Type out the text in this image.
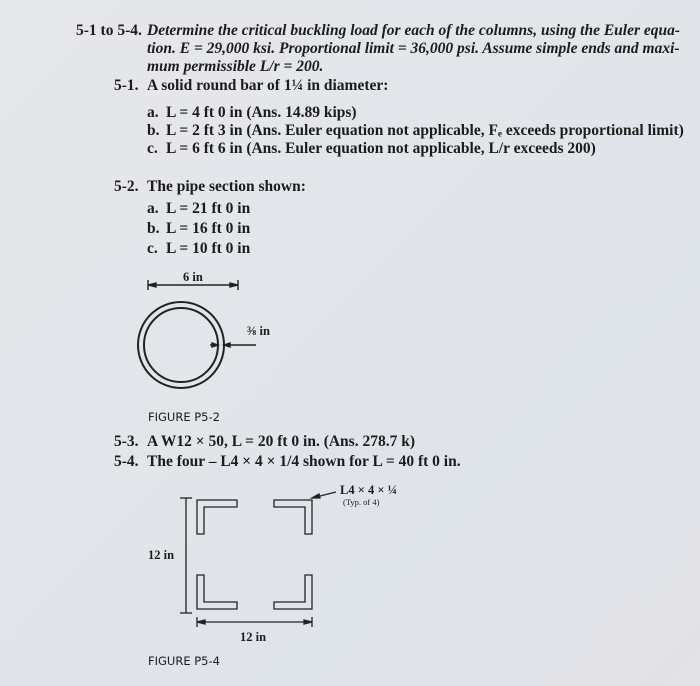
5-1 to 5-4. Determine the critical buckling load for each of the columns, using the Euler equa-
tion. E = 29,000 ksi. Proportional limit = 36,000 psi. Assume simple ends and maxi-
mum permissible L/r = 200.
5-1. A solid round bar of 1¼ in diameter:
a. L = 4 ft 0 in (Ans. 14.89 kips)
b. L = 2 ft 3 in (Ans. Euler equation not applicable, Fₑ exceeds proportional limit)
c. L = 6 ft 6 in (Ans. Euler equation not applicable, L/r exceeds 200)
5-2. The pipe section shown:
a. L = 21 ft 0 in
b. L = 16 ft 0 in
c. L = 10 ft 0 in
6 in
⅜ in
FIGURE P5-2
5-3. A W12 × 50, L = 20 ft 0 in. (Ans. 278.7 k)
5-4. The four – L4 × 4 × 1/4 shown for L = 40 ft 0 in.
L4 × 4 × ¼
(Typ. of 4)
12 in
12 in
FIGURE P5-4
